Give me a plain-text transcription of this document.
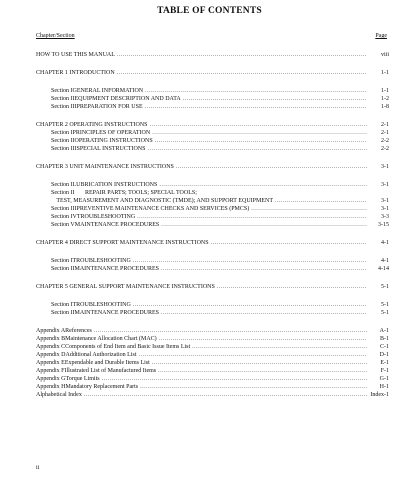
TABLE OF CONTENTS
Chapter/Section	Page
HOW TO USE THIS MANUAL .....	viii
CHAPTER 1 INTRODUCTION .....	1-1
Section I GENERAL INFORMATION .....	1-1
Section II EQUIPMENT DESCRIPTION AND DATA .....	1-2
Section III PREPARATION FOR USE .....	1-8
CHAPTER 2 OPERATING INSTRUCTIONS .....	2-1
Section I PRINCIPLES OF OPERATION .....	2-1
Section II OPERATING INSTRUCTIONS .....	2-2
Section III SPECIAL INSTRUCTIONS .....	2-2
CHAPTER 3 UNIT MAINTENANCE INSTRUCTIONS .....	3-1
Section I LUBRICATION INSTRUCTIONS .....	3-1
Section II	REPAIR PARTS; TOOLS; SPECIAL TOOLS;
TEST, MEASUREMENT AND DIAGNOSTIC (TMDE); AND SUPPORT EQUIPMENT .....	3-1
Section III PREVENTIVE MAINTENANCE CHECKS AND SERVICES (PMCS) .....	3-1
Section IV TROUBLESHOOTING .....	3-3
Section V MAINTENANCE PROCEDURES .....	3-15
CHAPTER 4 DIRECT SUPPORT MAINTENANCE INSTRUCTIONS .....	4-1
Section I TROUBLESHOOTING .....	4-1
Section II MAINTENANCE PROCEDURES .....	4-14
CHAPTER 5 GENERAL SUPPORT MAINTENANCE INSTRUCTIONS .....	5-1
Section I TROUBLESHOOTING .....	5-1
Section II MAINTENANCE PROCEDURES .....	5-1
Appendix A References .....	A-1
Appendix B Maintenance Allocation Chart (MAC) .....	B-1
Appendix C Components of End Item and Basic Issue Items List .....	C-1
Appendix D Additional Authorization List .....	D-1
Appendix E Expendable and Durable Items List .....	E-1
Appendix F Illustrated List of Manufactured Items .....	F-1
Appendix G Torque Limits .....	G-1
Appendix H Mandatory Replacement Parts .....	H-1
Alphabetical Index .....	Index-1
ii
